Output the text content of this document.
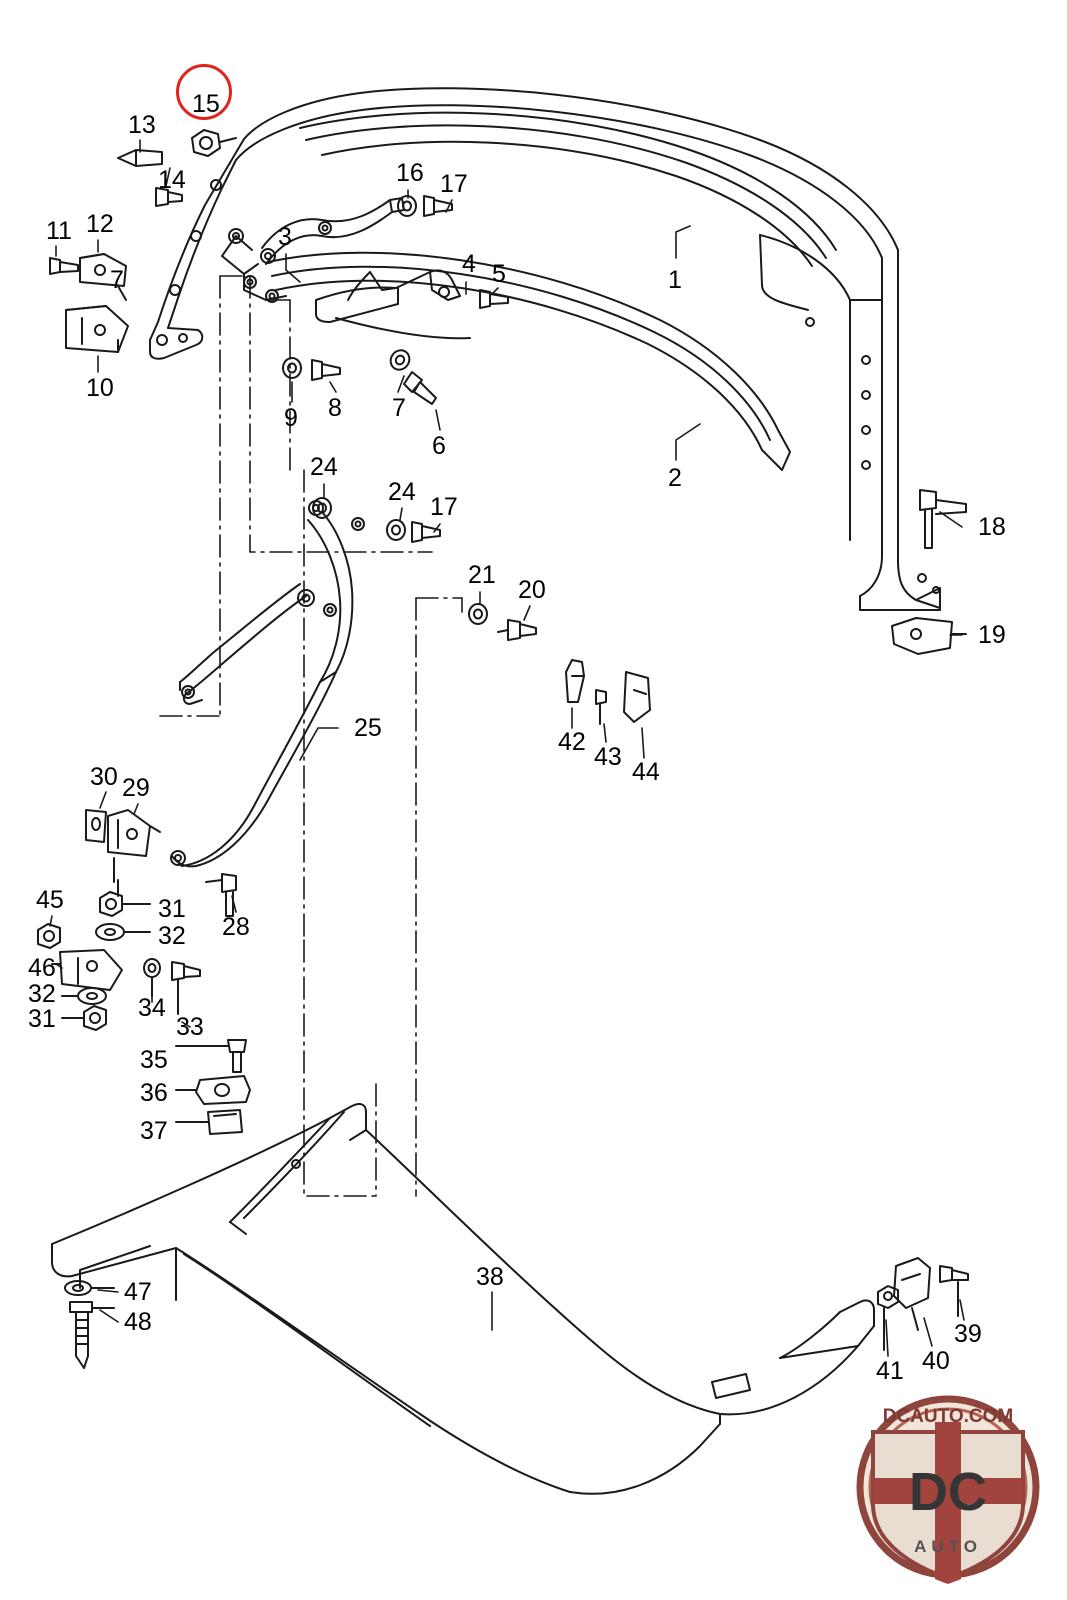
1
2
3
4 5
6
7
7
8
9
10
11 12
13
14
15
16 17
18
19
20
21
24
24
17
25
28
29
30
31
32
32
31	33
34
35
36
37
38
39
40
41
42
43
44
45
46
47
48
DCAUTO.COM
DC
AUTO
